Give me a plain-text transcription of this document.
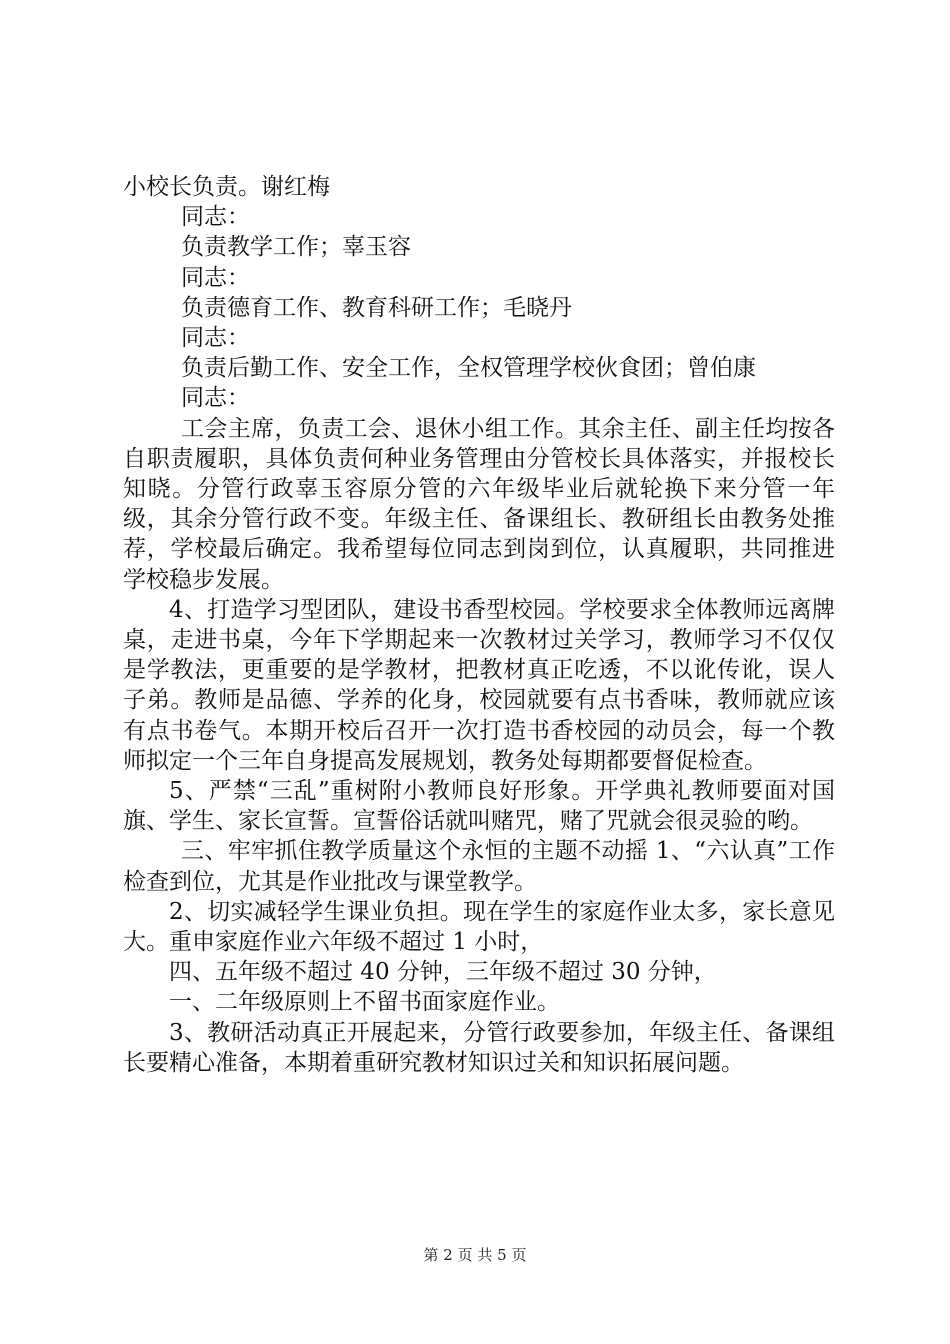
小校长负责。谢红梅

同志：

负责教学工作；辜玉容

同志：

负责德育工作、教育科研工作；毛晓丹

同志：

负责后勤工作、安全工作，全权管理学校伙食团；曾伯康

同志：

工会主席，负责工会、退休小组工作。其余主任、副主任均按各自职责履职，具体负责何种业务管理由分管校长具体落实，并报校长知晓。分管行政辜玉容原分管的六年级毕业后就轮换下来分管一年级，其余分管行政不变。年级主任、备课组长、教研组长由教务处推荐，学校最后确定。我希望每位同志到岗到位，认真履职，共同推进学校稳步发展。

4、打造学习型团队，建设书香型校园。学校要求全体教师远离牌桌，走进书桌，今年下学期起来一次教材过关学习，教师学习不仅仅是学教法，更重要的是学教材，把教材真正吃透，不以讹传讹，误人子弟。教师是品德、学养的化身，校园就要有点书香味，教师就应该有点书卷气。本期开校后召开一次打造书香校园的动员会，每一个教师拟定一个三年自身提高发展规划，教务处每期都要督促检查。

5、严禁“三乱”重树附小教师良好形象。开学典礼教师要面对国旗、学生、家长宣誓。宣誓俗话就叫赌咒，赌了咒就会很灵验的哟。

三、牢牢抓住教学质量这个永恒的主题不动摇 1、“六认真”工作检查到位，尤其是作业批改与课堂教学。

2、切实减轻学生课业负担。现在学生的家庭作业太多，家长意见大。重申家庭作业六年级不超过 1 小时，

四、五年级不超过 40 分钟，三年级不超过 30 分钟，

一、二年级原则上不留书面家庭作业。

3、教研活动真正开展起来，分管行政要参加，年级主任、备课组长要精心准备，本期着重研究教材知识过关和知识拓展问题。

第 2 页 共 5 页
